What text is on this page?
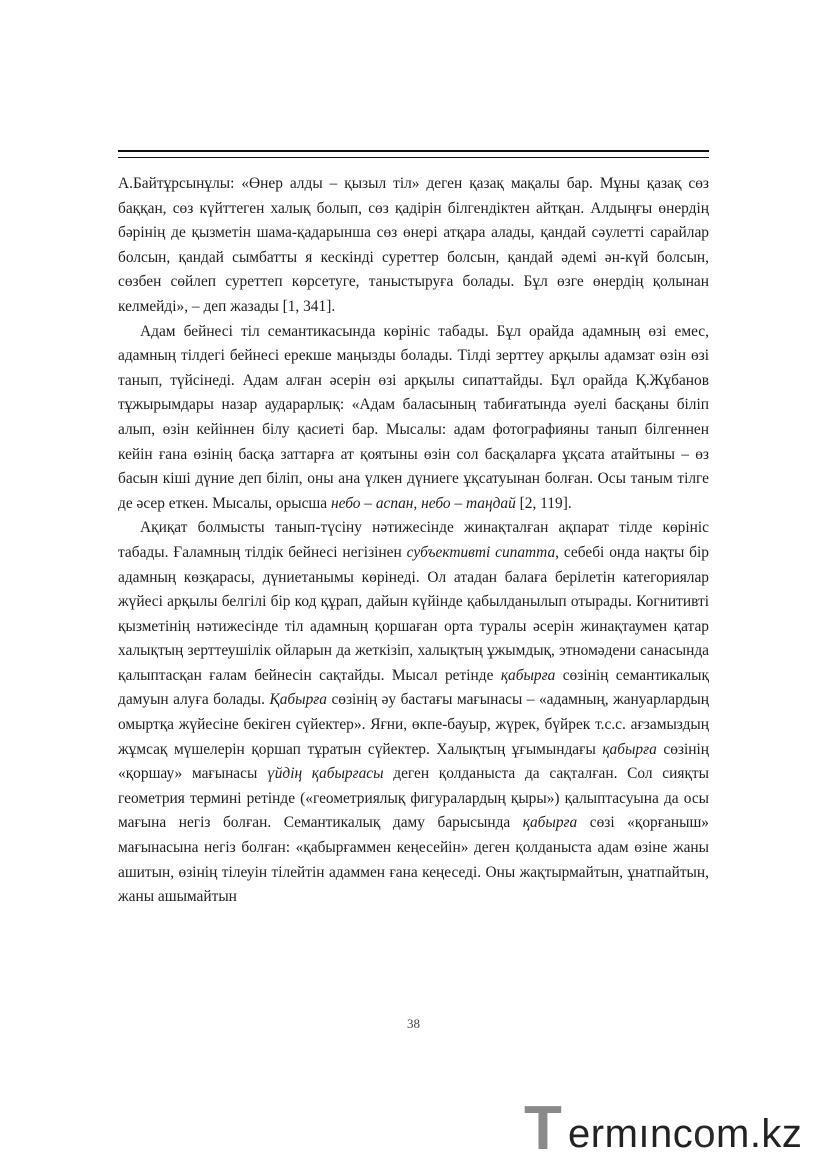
А.Байтұрсынұлы: «Өнер алды – қызыл тіл» деген қазақ мақалы бар. Мұны қазақ сөз баққан, сөз күйттеген халық болып, сөз қадірін білгендіктен айтқан. Алдыңғы өнердің бәрінің де қызметін шама-қадарынша сөз өнері атқара алады, қандай сәулетті сарайлар болсын, қандай сымбатты я кескінді суреттер болсын, қандай әдемі ән-күй болсын, сөзбен сөйлеп суреттеп көрсетуге, таныстыруға болады. Бұл өзге өнердің қолынан келмейді», – деп жазады [1, 341].

Адам бейнесі тіл семантикасында көрініс табады. Бұл орайда адамның өзі емес, адамның тілдегі бейнесі ерекше маңызды болады. Тілді зерттеу арқылы адамзат өзін өзі танып, түйсінеді. Адам алған әсерін өзі арқылы сипаттайды. Бұл орайда Қ.Жұбанов тұжырымдары назар аударарлық: «Адам баласының табиғатында әуелі басқаны біліп алып, өзін кейіннен білу қасиеті бар. Мысалы: адам фотографияны танып білгеннен кейін ғана өзінің басқа заттарға ат қоятыны өзін сол басқаларға ұқсата атайтыны – өз басын кіші дүние деп біліп, оны ана үлкен дүниеге ұқсатуынан болған. Осы таным тілге де әсер еткен. Мысалы, орысша небо – аспан, небо – таңдай [2, 119].

Ақиқат болмысты танып-түсіну нәтижесінде жинақталған ақпарат тілде көрініс табады. Ғаламның тілдік бейнесі негізінен субъективті сипатта, себебі онда нақты бір адамның көзқарасы, дүниетанымы көрінеді. Ол атадан балаға берілетін категориялар жүйесі арқылы белгілі бір код құрап, дайын күйінде қабылданылып отырады. Когнитивті қызметінің нәтижесінде тіл адамның қоршаған орта туралы әсерін жинақтаумен қатар халықтың зерттеушілік ойларын да жеткізіп, халықтың ұжымдық, этномәдени санасында қалыптасқан ғалам бейнесін сақтайды. Мысал ретінде қабырға сөзінің семантикалық дамуын алуға болады. Қабырға сөзінің әу бастағы мағынасы – «адамның, жануарлардың омыртқа жүйесіне бекіген сүйектер». Яғни, өкпе-бауыр, жүрек, бүйрек т.с.с. ағзамыздың жұмсақ мүшелерін қоршап тұратын сүйектер. Халықтың ұғымындағы қабырға сөзінің «қоршау» мағынасы үйдің қабырғасы деген қолданыста да сақталған. Сол сияқты геометрия термині ретінде («геометриялық фигуралардың қыры») қалыптасуына да осы мағына негіз болған. Семантикалық даму барысында қабырға сөзі «қорғаныш» мағынасына негіз болған: «қабырғаммен кеңесейін» деген қолданыста адам өзіне жаны ашитын, өзінің тілеуін тілейтін адаммен ғана кеңеседі. Оны жақтырмайтын, ұнатпайтын, жаны ашымайтын

38
T ermıncom.kz
